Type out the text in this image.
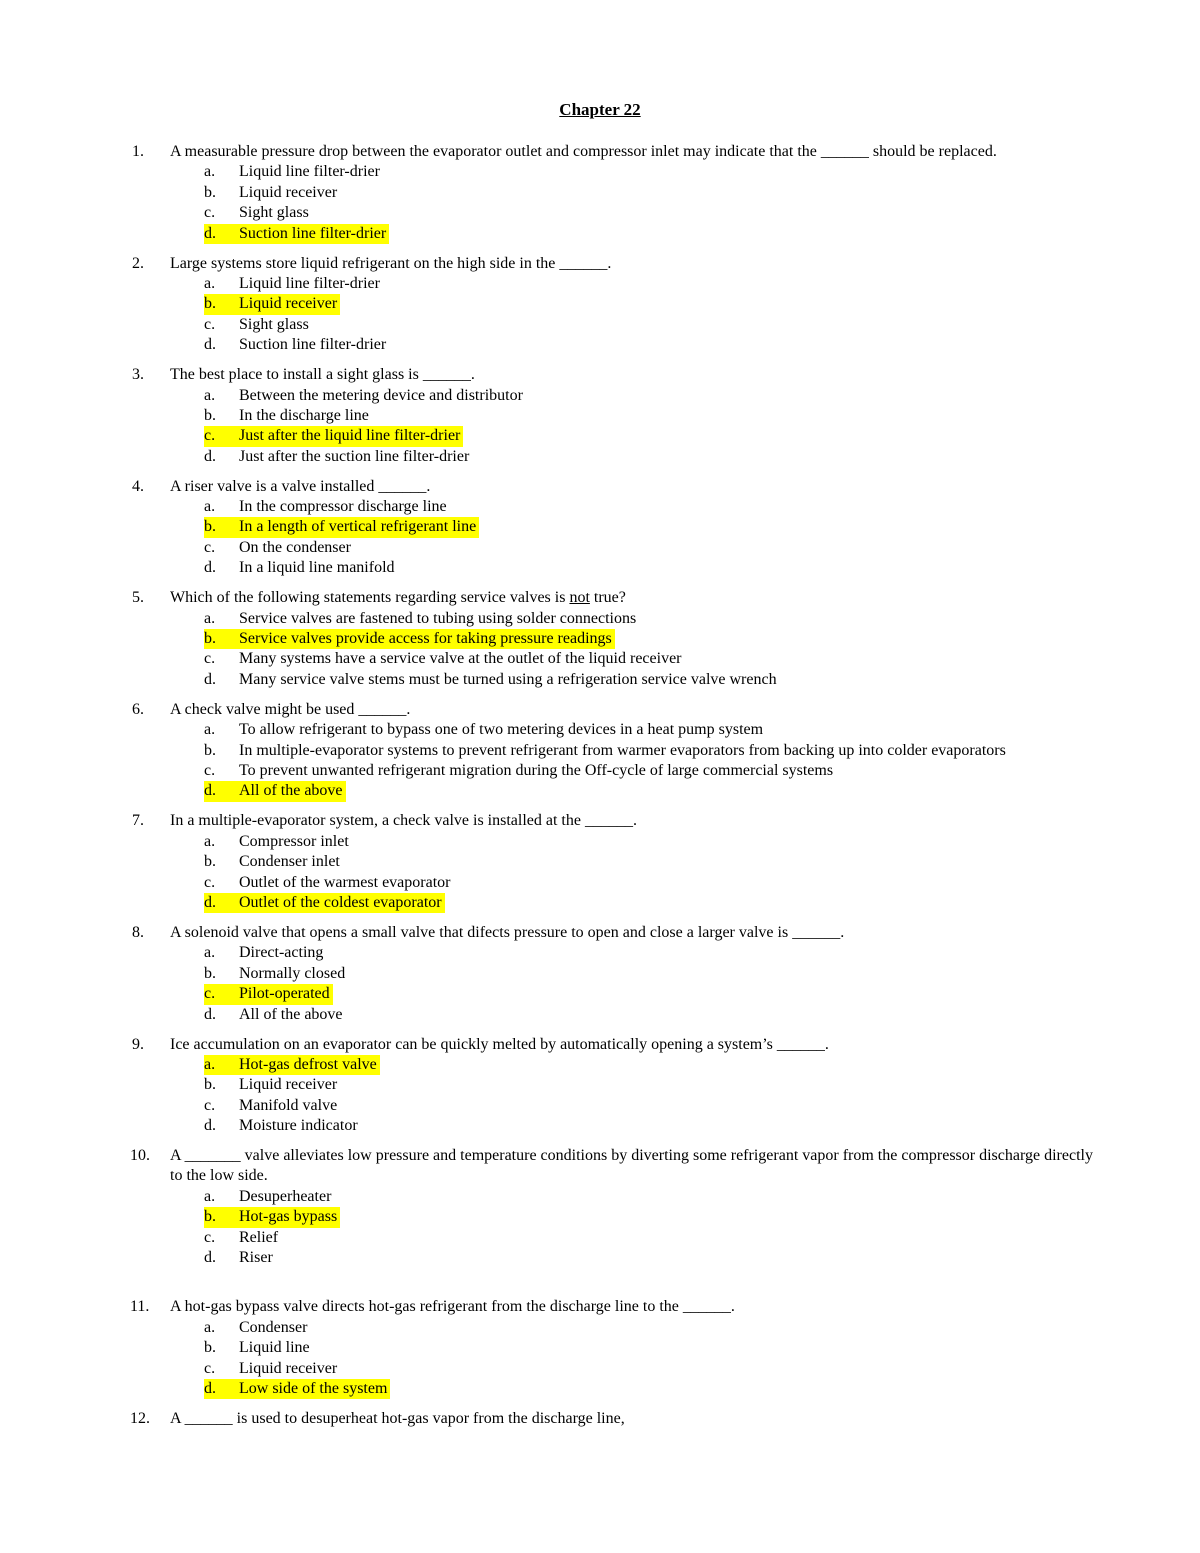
Chapter 22
1.	A measurable pressure drop between the evaporator outlet and compressor inlet may indicate that the ______ should be replaced.
a. Liquid line filter-drier
b. Liquid receiver
c. Sight glass
d. Suction line filter-drier
2.	Large systems store liquid refrigerant on the high side in the ______.
a. Liquid line filter-drier
b. Liquid receiver
c. Sight glass
d. Suction line filter-drier
3.	The best place to install a sight glass is ______.
a. Between the metering device and distributor
b. In the discharge line
c. Just after the liquid line filter-drier
d. Just after the suction line filter-drier
4.	A riser valve is a valve installed ______.
a. In the compressor discharge line
b. In a length of vertical refrigerant line
c. On the condenser
d. In a liquid line manifold
5.	Which of the following statements regarding service valves is not true?
a. Service valves are fastened to tubing using solder connections
b. Service valves provide access for taking pressure readings
c. Many systems have a service valve at the outlet of the liquid receiver
d. Many service valve stems must be turned using a refrigeration service valve wrench
6.	A check valve might be used ______.
a. To allow refrigerant to bypass one of two metering devices in a heat pump system
b. In multiple-evaporator systems to prevent refrigerant from warmer evaporators from backing up into colder evaporators
c. To prevent unwanted refrigerant migration during the Off-cycle of large commercial systems
d. All of the above
7.	In a multiple-evaporator system, a check valve is installed at the ______.
a. Compressor inlet
b. Condenser inlet
c. Outlet of the warmest evaporator
d. Outlet of the coldest evaporator
8.	A solenoid valve that opens a small valve that difects pressure to open and close a larger valve is ______.
a. Direct-acting
b. Normally closed
c. Pilot-operated
d. All of the above
9.	Ice accumulation on an evaporator can be quickly melted by automatically opening a system’s ______.
a. Hot-gas defrost valve
b. Liquid receiver
c. Manifold valve
d. Moisture indicator
10.	A _______ valve alleviates low pressure and temperature conditions by diverting some refrigerant vapor from the compressor discharge directly to the low side.
a. Desuperheater
b. Hot-gas bypass
c. Relief
d. Riser
11.	A hot-gas bypass valve directs hot-gas refrigerant from the discharge line to the ______.
a. Condenser
b. Liquid line
c. Liquid receiver
d. Low side of the system
12.	A ______ is used to desuperheat hot-gas vapor from the discharge line,
